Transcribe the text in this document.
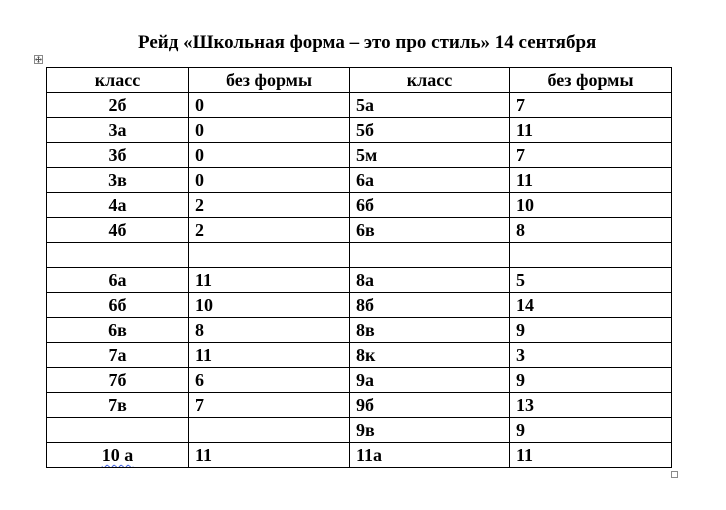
Рейд «Школьная форма – это про стиль» 14 сентября
класс	без формы	класс	без формы
2б	0	5а	7
3а	0	5б	11
3б	0	5м	7
3в	0	6а	11
4а	2	6б	10
4б	2	6в	8

6а	11	8а	5
6б	10	8б	14
6в	8	8в	9
7а	11	8к	3
7б	6	9а	9
7в	7	9б	13
		9в	9
10 а	11	11а	11
